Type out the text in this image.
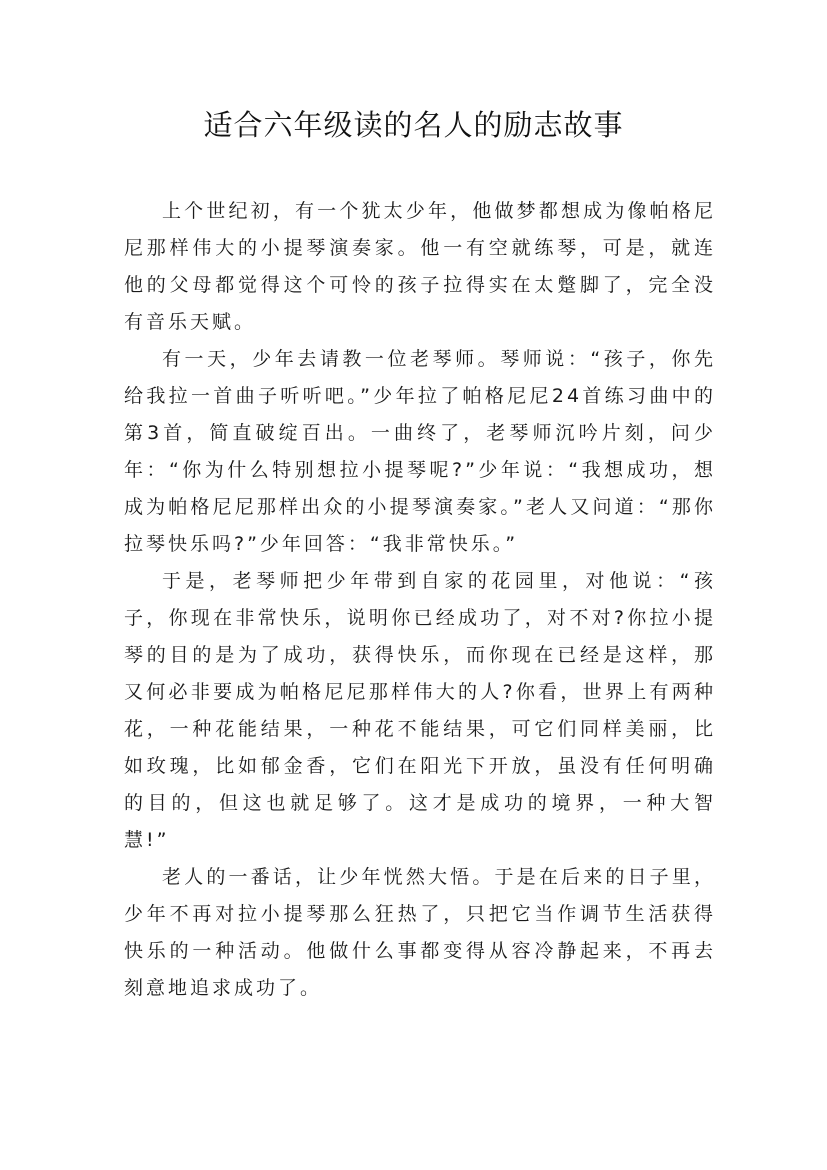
适合六年级读的名人的励志故事

上个世纪初，有一个犹太少年，他做梦都想成为像帕格尼尼那样伟大的小提琴演奏家。他一有空就练琴，可是，就连他的父母都觉得这个可怜的孩子拉得实在太蹩脚了，完全没有音乐天赋。

有一天，少年去请教一位老琴师。琴师说：“孩子，你先给我拉一首曲子听听吧。”少年拉了帕格尼尼24首练习曲中的第3首，简直破绽百出。一曲终了，老琴师沉吟片刻，问少年：“你为什么特别想拉小提琴呢?”少年说：“我想成功，想成为帕格尼尼那样出众的小提琴演奏家。”老人又问道：“那你拉琴快乐吗?”少年回答：“我非常快乐。”

于是，老琴师把少年带到自家的花园里，对他说：“孩子，你现在非常快乐，说明你已经成功了，对不对?你拉小提琴的目的是为了成功，获得快乐，而你现在已经是这样，那又何必非要成为帕格尼尼那样伟大的人?你看，世界上有两种花，一种花能结果，一种花不能结果，可它们同样美丽，比如玫瑰，比如郁金香，它们在阳光下开放，虽没有任何明确的目的，但这也就足够了。这才是成功的境界，一种大智慧!”

老人的一番话，让少年恍然大悟。于是在后来的日子里，少年不再对拉小提琴那么狂热了，只把它当作调节生活获得快乐的一种活动。他做什么事都变得从容冷静起来，不再去刻意地追求成功了。
